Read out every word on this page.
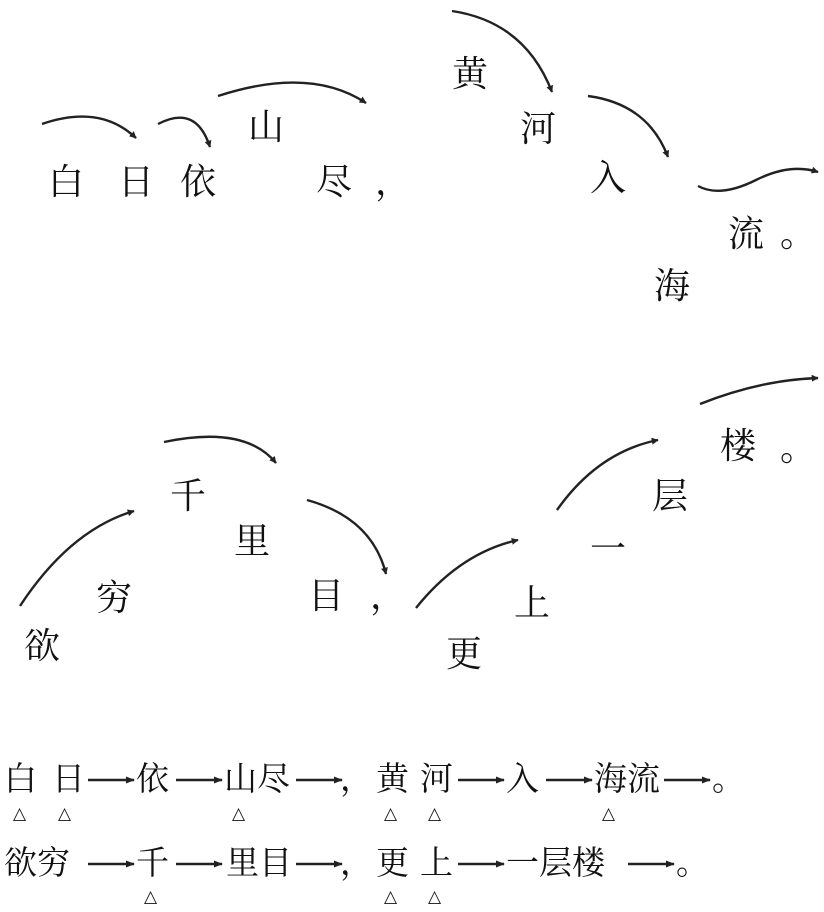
白 日 依
山
尽 ，
黄
河
入
海
流 。
欲
穷
千
里
目 ，
更
上
一
层
楼 。
白
△
日
△
依 山尽
△
， 黄
△
河
△
入 海流
△
。
欲穷 千
△
里目 ， 更
△
上
△
一层楼 。
